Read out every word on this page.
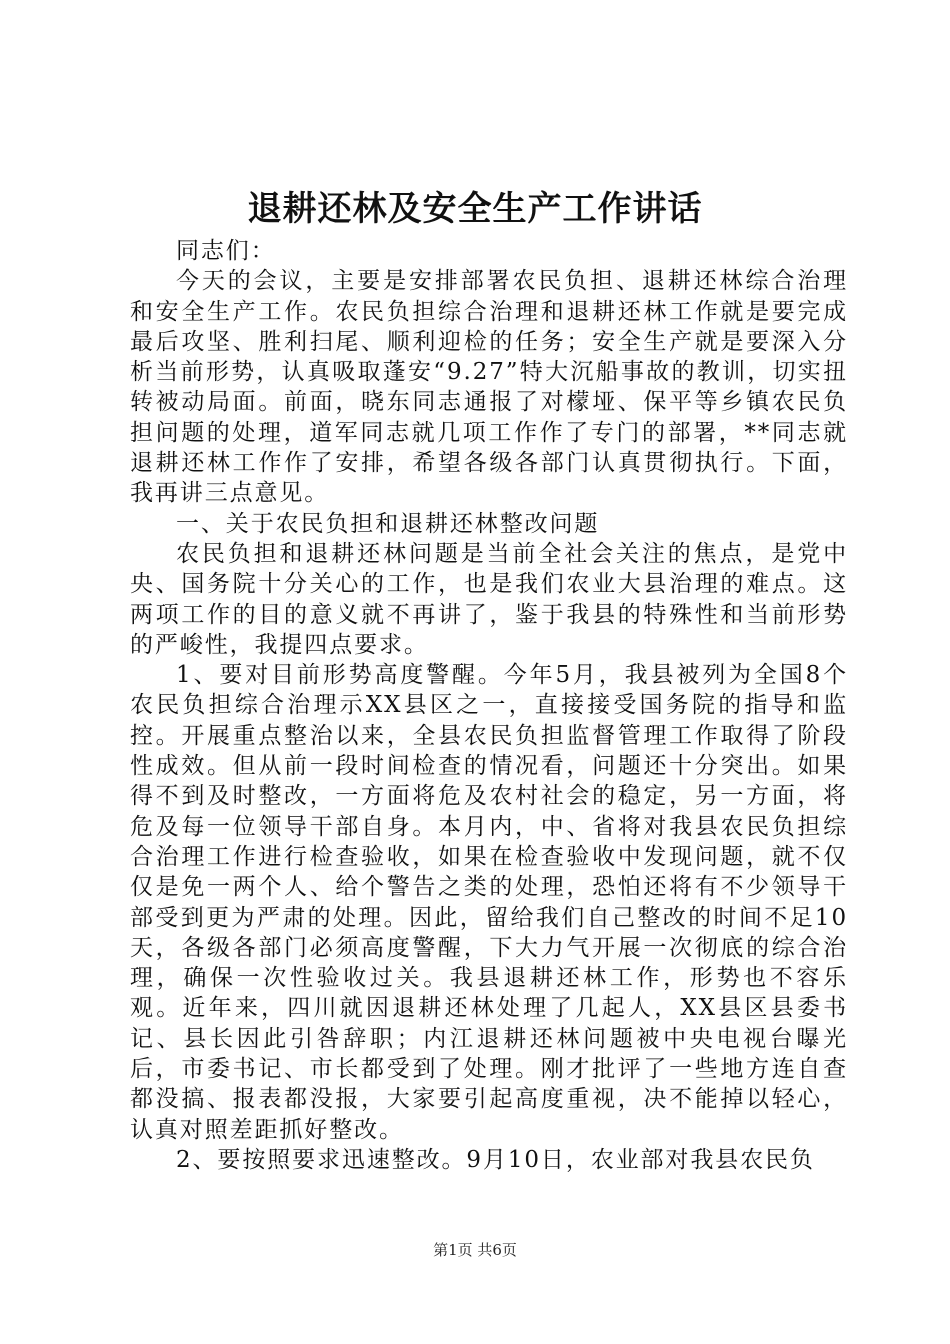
退耕还林及安全生产工作讲话

同志们：

今天的会议，主要是安排部署农民负担、退耕还林综合治理和安全生产工作。农民负担综合治理和退耕还林工作就是要完成最后攻坚、胜利扫尾、顺利迎检的任务；安全生产就是要深入分析当前形势，认真吸取蓬安“9.27”特大沉船事故的教训，切实扭转被动局面。前面，晓东同志通报了对檬垭、保平等乡镇农民负担问题的处理，道军同志就几项工作作了专门的部署，**同志就退耕还林工作作了安排，希望各级各部门认真贯彻执行。下面，我再讲三点意见。

一、关于农民负担和退耕还林整改问题

农民负担和退耕还林问题是当前全社会关注的焦点，是党中央、国务院十分关心的工作，也是我们农业大县治理的难点。这两项工作的目的意义就不再讲了，鉴于我县的特殊性和当前形势的严峻性，我提四点要求。

1、要对目前形势高度警醒。今年5月，我县被列为全国8个农民负担综合治理示XX县区之一，直接接受国务院的指导和监控。开展重点整治以来，全县农民负担监督管理工作取得了阶段性成效。但从前一段时间检查的情况看，问题还十分突出。如果得不到及时整改，一方面将危及农村社会的稳定，另一方面，将危及每一位领导干部自身。本月内，中、省将对我县农民负担综合治理工作进行检查验收，如果在检查验收中发现问题，就不仅仅是免一两个人、给个警告之类的处理，恐怕还将有不少领导干部受到更为严肃的处理。因此，留给我们自己整改的时间不足10天，各级各部门必须高度警醒，下大力气开展一次彻底的综合治理，确保一次性验收过关。我县退耕还林工作，形势也不容乐观。近年来，四川就因退耕还林处理了几起人，XX县区县委书记、县长因此引咎辞职；内江退耕还林问题被中央电视台曝光后，市委书记、市长都受到了处理。刚才批评了一些地方连自查都没搞、报表都没报，大家要引起高度重视，决不能掉以轻心，认真对照差距抓好整改。

2、要按照要求迅速整改。9月10日，农业部对我县农民负

第1页 共6页
